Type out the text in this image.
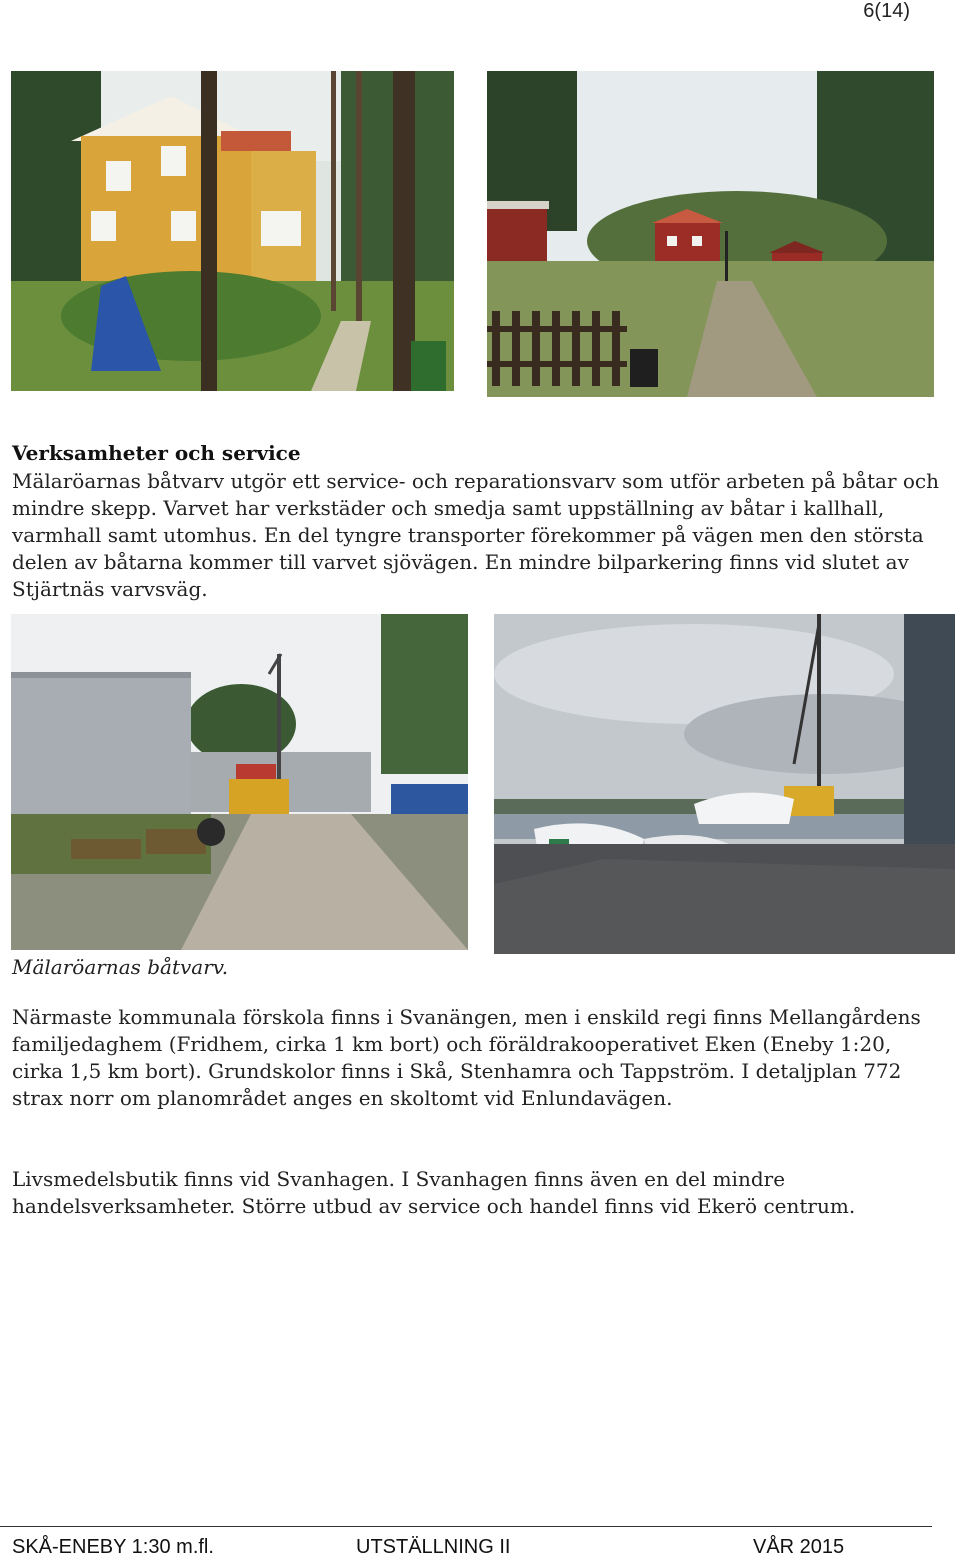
6(14)
Verksamheter och service
Mälaröarnas båtvarv utgör ett service- och reparationsvarv som utför arbeten på båtar och mindre skepp. Varvet har verkstäder och smedja samt uppställning av båtar i kallhall, varmhall samt utomhus. En del tyngre transporter förekommer på vägen men den största delen av båtarna kommer till varvet sjövägen. En mindre bilparkering finns vid slutet av Stjärtnäs varvsväg.
Mälaröarnas båtvarv.
Närmaste kommunala förskola finns i Svanängen, men i enskild regi finns Mellangårdens familjedaghem (Fridhem, cirka 1 km bort) och föräldrakooperativet Eken (Eneby 1:20, cirka 1,5 km bort). Grundskolor finns i Skå, Stenhamra och Tappström. I detaljplan 772 strax norr om planområdet anges en skoltomt vid Enlundavägen.
Livsmedelsbutik finns vid Svanhagen. I Svanhagen finns även en del mindre handelsverksamheter. Större utbud av service och handel finns vid Ekerö centrum.
SKÅ-ENEBY 1:30 m.fl.	UTSTÄLLNING II	VÅR 2015
